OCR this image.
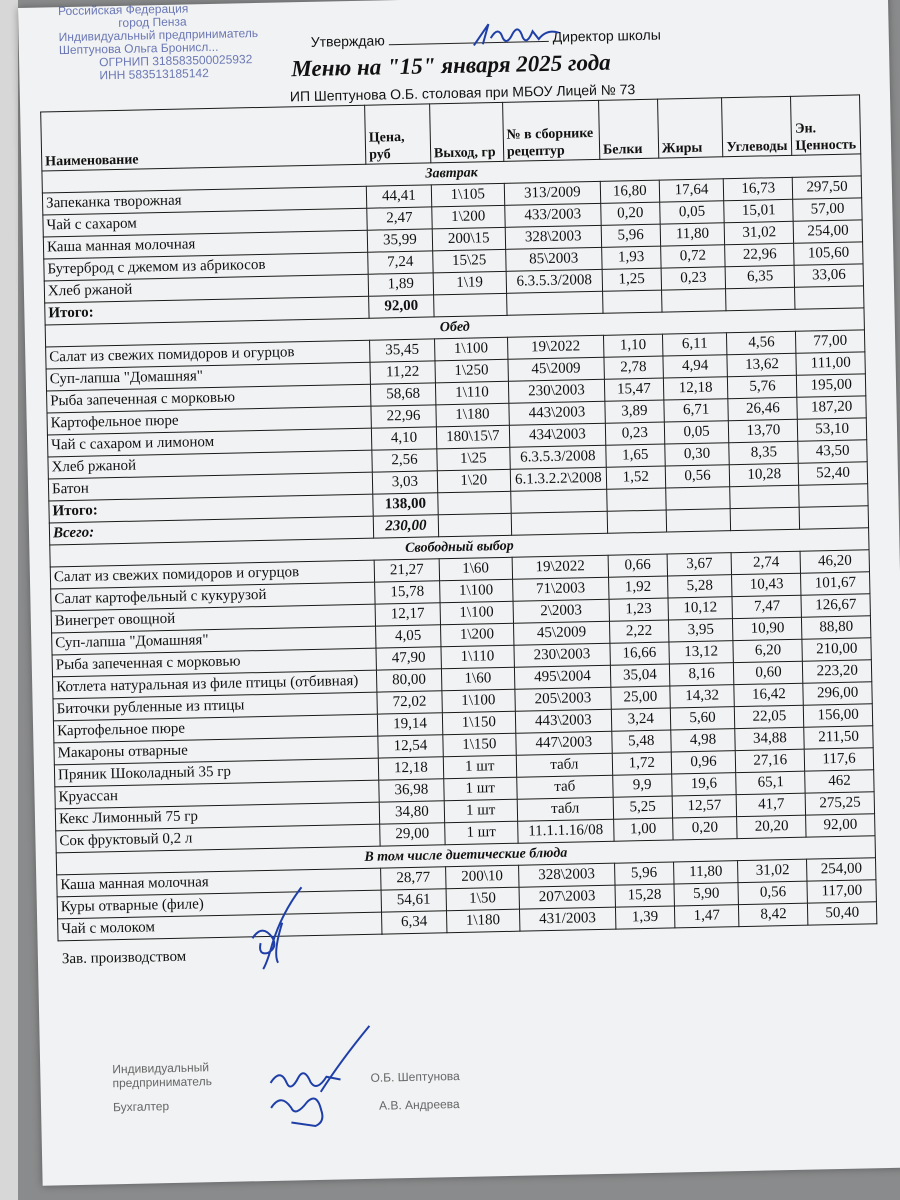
Российская Федерация
город Пенза
Индивидуальный предприниматель
Шептунова Ольга Бронисл...
ОГРНИП 318583500025932
ИНН 583513185142
Утверждаю	Директор школы
Меню на "15" января 2025 года
ИП Шептунова О.Б. столовая при МБОУ Лицей № 73
Наименование	Цена, руб	Выход, гр	№ в сборнике рецептур	Белки	Жиры	Углеводы	Эн. Ценность
Завтрак							
Запеканка творожная	44,41	1\105	313/2009	16,80	17,64	16,73	297,50
Чай с сахаром	2,47	1\200	433/2003	0,20	0,05	15,01	57,00
Каша манная молочная	35,99	200\15	328\2003	5,96	11,80	31,02	254,00
Бутерброд с джемом из абрикосов	7,24	15\25	85\2003	1,93	0,72	22,96	105,60
Хлеб ржаной	1,89	1\19	6.3.5.3/2008	1,25	0,23	6,35	33,06
Итого:	92,00						
Обед							
Салат из свежих помидоров и огурцов	35,45	1\100	19\2022	1,10	6,11	4,56	77,00
Суп-лапша "Домашняя"	11,22	1\250	45\2009	2,78	4,94	13,62	111,00
Рыба запеченная с морковью	58,68	1\110	230\2003	15,47	12,18	5,76	195,00
Картофельное пюре	22,96	1\180	443\2003	3,89	6,71	26,46	187,20
Чай с сахаром и лимоном	4,10	180\15\7	434\2003	0,23	0,05	13,70	53,10
Хлеб ржаной	2,56	1\25	6.3.5.3/2008	1,65	0,30	8,35	43,50
Батон	3,03	1\20	6.1.3.2.2\2008	1,52	0,56	10,28	52,40
Итого:	138,00						
Всего:	230,00						
Свободный выбор							
Салат из свежих помидоров и огурцов	21,27	1\60	19\2022	0,66	3,67	2,74	46,20
Салат картофельный с кукурузой	15,78	1\100	71\2003	1,92	5,28	10,43	101,67
Винегрет овощной	12,17	1\100	2\2003	1,23	10,12	7,47	126,67
Суп-лапша "Домашняя"	4,05	1\200	45\2009	2,22	3,95	10,90	88,80
Рыба запеченная с морковью	47,90	1\110	230\2003	16,66	13,12	6,20	210,00
Котлета натуральная из филе птицы (отбивная)	80,00	1\60	495\2004	35,04	8,16	0,60	223,20
Биточки рубленные из птицы	72,02	1\100	205\2003	25,00	14,32	16,42	296,00
Картофельное пюре	19,14	1\150	443\2003	3,24	5,60	22,05	156,00
Макароны отварные	12,54	1\150	447\2003	5,48	4,98	34,88	211,50
Пряник Шоколадный 35 гр	12,18	1 шт	табл	1,72	0,96	27,16	117,6
Круассан	36,98	1 шт	таб	9,9	19,6	65,1	462
Кекс Лимонный 75 гр	34,80	1 шт	табл	5,25	12,57	41,7	275,25
Сок фруктовый 0,2 л	29,00	1 шт	11.1.1.16/08	1,00	0,20	20,20	92,00
В том числе диетические блюда							
Каша манная молочная	28,77	200\10	328\2003	5,96	11,80	31,02	254,00
Куры отварные (филе)	54,61	1\50	207\2003	15,28	5,90	0,56	117,00
Чай с молоком	6,34	1\180	431/2003	1,39	1,47	8,42	50,40
Зав. производством
Индивидуальный предприниматель	О.Б. Шептунова
Бухгалтер	А.В. Андреева
